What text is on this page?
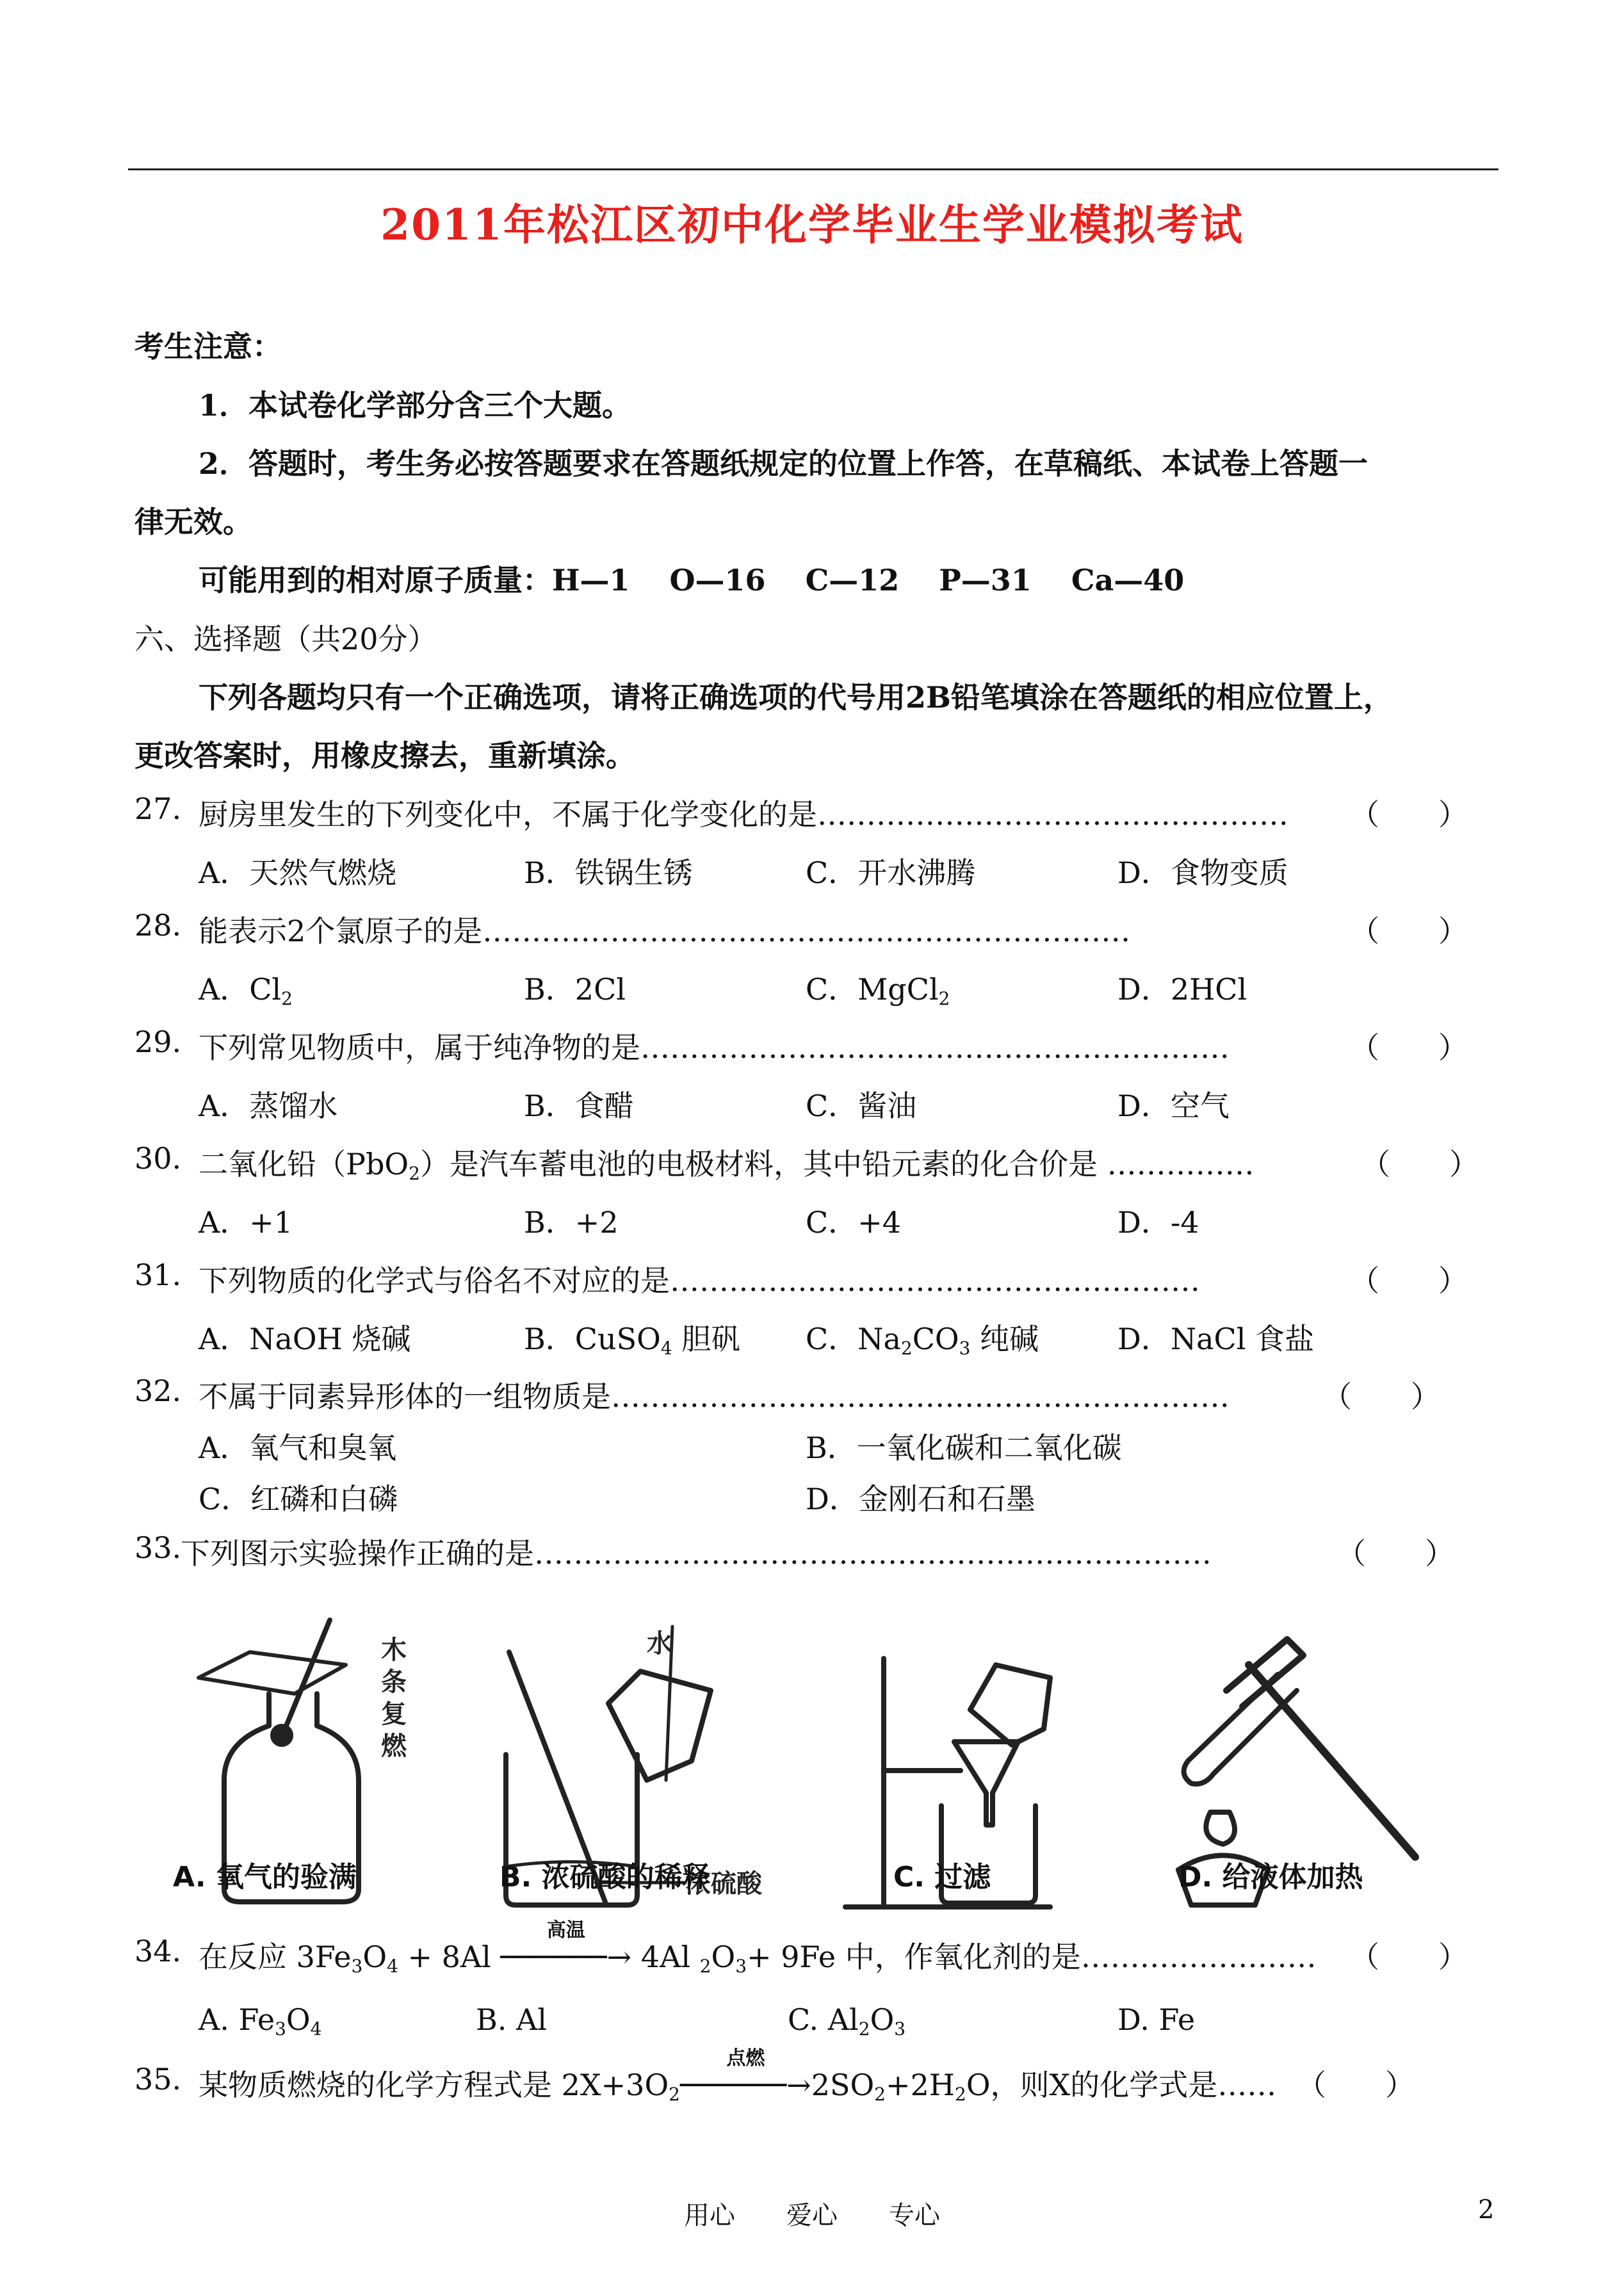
2011年松江区初中化学毕业生学业模拟考试
考生注意：
1．本试卷化学部分含三个大题。
2．答题时，考生务必按答题要求在答题纸规定的位置上作答，在草稿纸、本试卷上答题一
律无效。
可能用到的相对原子质量：H—1　 O—16　 C—12　 P—31　 Ca—40
六、选择题（共20分）
下列各题均只有一个正确选项，请将正确选项的代号用2B铅笔填涂在答题纸的相应位置上，
更改答案时，用橡皮擦去，重新填涂。
27. 厨房里发生的下列变化中，不属于化学变化的是………………………………………… （　　）
A．天然气燃烧	B．铁锅生锈	C．开水沸腾	D．食物变质
28. 能表示2个氯原子的是…………………………………………………………	（　　）
A．$Cl_2$	B．2Cl	C．MgCl$_2$	D．2HCl
29. 下列常见物质中，属于纯净物的是……………………………………………………	（　　）
A．蒸馏水	B．食醋	C．酱油	D．空气
30. 二氧化铅（PbO$_2$）是汽车蓄电池的电极材料，其中铅元素的化合价是 ……………	（　　）
A．+1	B．+2	C．+4	D．-4
31. 下列物质的化学式与俗名不对应的是………………………………………………	（　　）
A．NaOH 烧碱	B．CuSO$_4$ 胆矾 C．$Na_2CO_3$ 纯碱	D．NaCl 食盐
32. 不属于同素异形体的一组物质是………………………………………………………	（　　）
A．氧气和臭氧	B．一氧化碳和二氧化碳
C．红磷和白磷	D．金刚石和石墨
33.
下列图示实验操作正确的是……………………………………………………………	（　　）
木
条
复
燃
水
浓硫酸
A. 氧气的验满	B. 浓硫酸的稀释	C. 过滤	D. 给液体加热
34. 在反应 $3Fe_3O_4 + 8Al$
高温
──────→ 4Al $_2O_3+ 9Fe$ 中，作氧化剂的是…………………… （　　）
A. $Fe_3O_4$	B. Al	C. $Al_2O_3$	D. Fe
35. 某物质燃烧的化学方程式是 $2X+3O_2$
点燃
$──────\to 2SO_2+2H_2O$，则X的化学式是…… （　　）
用心　　爱心　　专心	2
